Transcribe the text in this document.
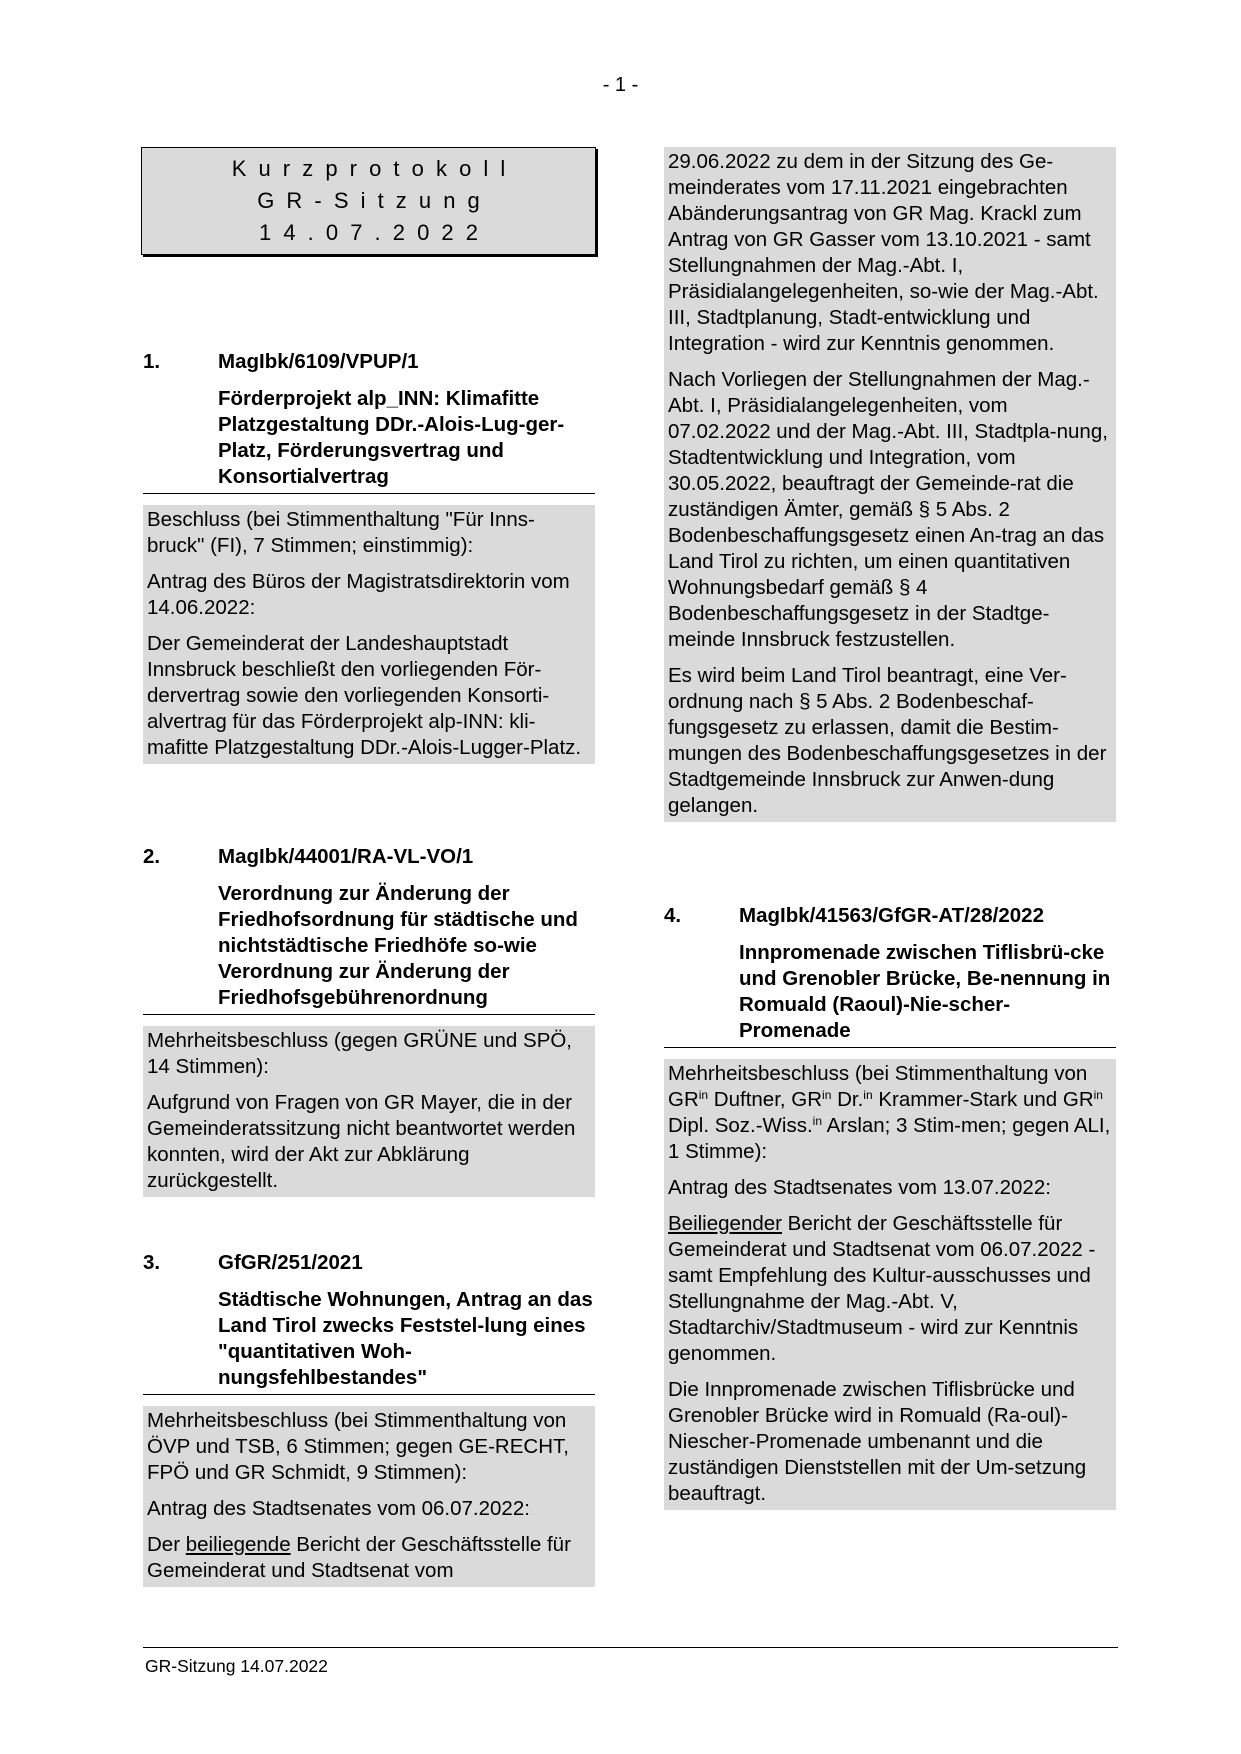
- 1 -
Kurzprotokoll
GR-Sitzung
14.07.2022
1.	MagIbk/6109/VPUP/1
Förderprojekt alp_INN: Klimafitte Platzgestaltung DDr.-Alois-Lug-ger-Platz, Förderungsvertrag und Konsortialvertrag

Beschluss (bei Stimmenthaltung "Für Inns-bruck" (FI), 7 Stimmen; einstimmig):

Antrag des Büros der Magistratsdirektorin vom 14.06.2022:

Der Gemeinderat der Landeshauptstadt Innsbruck beschließt den vorliegenden För-dervertrag sowie den vorliegenden Konsorti-alvertrag für das Förderprojekt alp-INN: kli-mafitte Platzgestaltung DDr.-Alois-Lugger-Platz.

2.	MagIbk/44001/RA-VL-VO/1
Verordnung zur Änderung der Friedhofsordnung für städtische und nichtstädtische Friedhöfe so-wie Verordnung zur Änderung der Friedhofsgebührenordnung

Mehrheitsbeschluss (gegen GRÜNE und SPÖ, 14 Stimmen):

Aufgrund von Fragen von GR Mayer, die in der Gemeinderatssitzung nicht beantwortet werden konnten, wird der Akt zur Abklärung zurückgestellt.

3.	GfGR/251/2021
Städtische Wohnungen, Antrag an das Land Tirol zwecks Feststel-lung eines "quantitativen Woh-nungsfehlbestandes"

Mehrheitsbeschluss (bei Stimmenthaltung von ÖVP und TSB, 6 Stimmen; gegen GE-RECHT, FPÖ und GR Schmidt, 9 Stimmen):

Antrag des Stadtsenates vom 06.07.2022:

Der beiliegende Bericht der Geschäftsstelle für Gemeinderat und Stadtsenat vom

29.06.2022 zu dem in der Sitzung des Ge-meinderates vom 17.11.2021 eingebrachten Abänderungsantrag von GR Mag. Krackl zum Antrag von GR Gasser vom 13.10.2021 - samt Stellungnahmen der Mag.-Abt. I, Präsidialangelegenheiten, so-wie der Mag.-Abt. III, Stadtplanung, Stadt-entwicklung und Integration - wird zur Kenntnis genommen.

Nach Vorliegen der Stellungnahmen der Mag.-Abt. I, Präsidialangelegenheiten, vom 07.02.2022 und der Mag.-Abt. III, Stadtpla-nung, Stadtentwicklung und Integration, vom 30.05.2022, beauftragt der Gemeinde-rat die zuständigen Ämter, gemäß § 5 Abs. 2 Bodenbeschaffungsgesetz einen An-trag an das Land Tirol zu richten, um einen quantitativen Wohnungsbedarf gemäß § 4 Bodenbeschaffungsgesetz in der Stadtge-meinde Innsbruck festzustellen.

Es wird beim Land Tirol beantragt, eine Ver-ordnung nach § 5 Abs. 2 Bodenbeschaf-fungsgesetz zu erlassen, damit die Bestim-mungen des Bodenbeschaffungsgesetzes in der Stadtgemeinde Innsbruck zur Anwen-dung gelangen.

4.	MagIbk/41563/GfGR-AT/28/2022
Innpromenade zwischen Tiflisbrü-cke und Grenobler Brücke, Be-nennung in Romuald (Raoul)-Nie-scher-Promenade

Mehrheitsbeschluss (bei Stimmenthaltung von $GR^{in}$ Duftner, $GR^{in}$ Dr.$^{in}$ Krammer-Stark und $GR^{in}$ Dipl. Soz.-Wiss.$^{in}$ Arslan; 3 Stim-men; gegen ALI, 1 Stimme):

Antrag des Stadtsenates vom 13.07.2022:

Beiliegender Bericht der Geschäftsstelle für Gemeinderat und Stadtsenat vom 06.07.2022 - samt Empfehlung des Kultur-ausschusses und Stellungnahme der Mag.-Abt. V, Stadtarchiv/Stadtmuseum - wird zur Kenntnis genommen.

Die Innpromenade zwischen Tiflisbrücke und Grenobler Brücke wird in Romuald (Ra-oul)-Niescher-Promenade umbenannt und die zuständigen Dienststellen mit der Um-setzung beauftragt.

GR-Sitzung 14.07.2022
